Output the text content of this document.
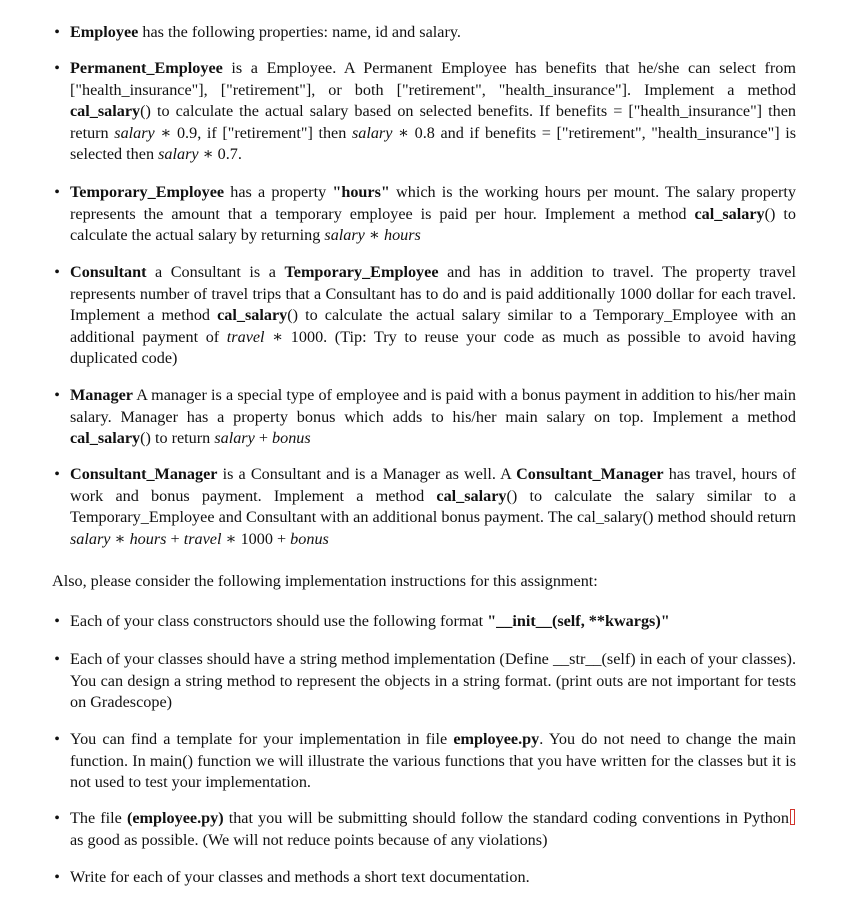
• Employee has the following properties: name, id and salary.
• Permanent_Employee is a Employee. A Permanent Employee has benefits that he/she can select from ["health_insurance"], ["retirement"], or both ["retirement", "health_insurance"]. Implement a method cal_salary() to calculate the actual salary based on selected benefits. If benefits = ["health_insurance"] then return salary ∗ 0.9, if ["retirement"] then salary ∗ 0.8 and if benefits = ["retirement", "health_insurance"] is selected then salary ∗ 0.7.
• Temporary_Employee has a property "hours" which is the working hours per mount. The salary property represents the amount that a temporary employee is paid per hour. Implement a method cal_salary() to calculate the actual salary by returning salary ∗ hours
• Consultant a Consultant is a Temporary_Employee and has in addition to travel. The property travel represents number of travel trips that a Consultant has to do and is paid additionally 1000 dollar for each travel. Implement a method cal_salary() to calculate the actual salary similar to a Temporary_Employee with an additional payment of travel ∗ 1000. (Tip: Try to reuse your code as much as possible to avoid having duplicated code)
• Manager A manager is a special type of employee and is paid with a bonus payment in addition to his/her main salary. Manager has a property bonus which adds to his/her main salary on top. Implement a method cal_salary() to return salary + bonus
• Consultant_Manager is a Consultant and is a Manager as well. A Consultant_Manager has travel, hours of work and bonus payment. Implement a method cal_salary() to calculate the salary similar to a Temporary_Employee and Consultant with an additional bonus payment. The cal_salary() method should return salary ∗ hours + travel ∗ 1000 + bonus
Also, please consider the following implementation instructions for this assignment:
• Each of your class constructors should use the following format "__init__(self, **kwargs)"
• Each of your classes should have a string method implementation (Define __str__(self) in each of your classes). You can design a string method to represent the objects in a string format. (print outs are not important for tests on Gradescope)
• You can find a template for your implementation in file employee.py. You do not need to change the main function. In main() function we will illustrate the various functions that you have written for the classes but it is not used to test your implementation.
• The file (employee.py) that you will be submitting should follow the standard coding conventions in Python as good as possible. (We will not reduce points because of any violations)
• Write for each of your classes and methods a short text documentation.
